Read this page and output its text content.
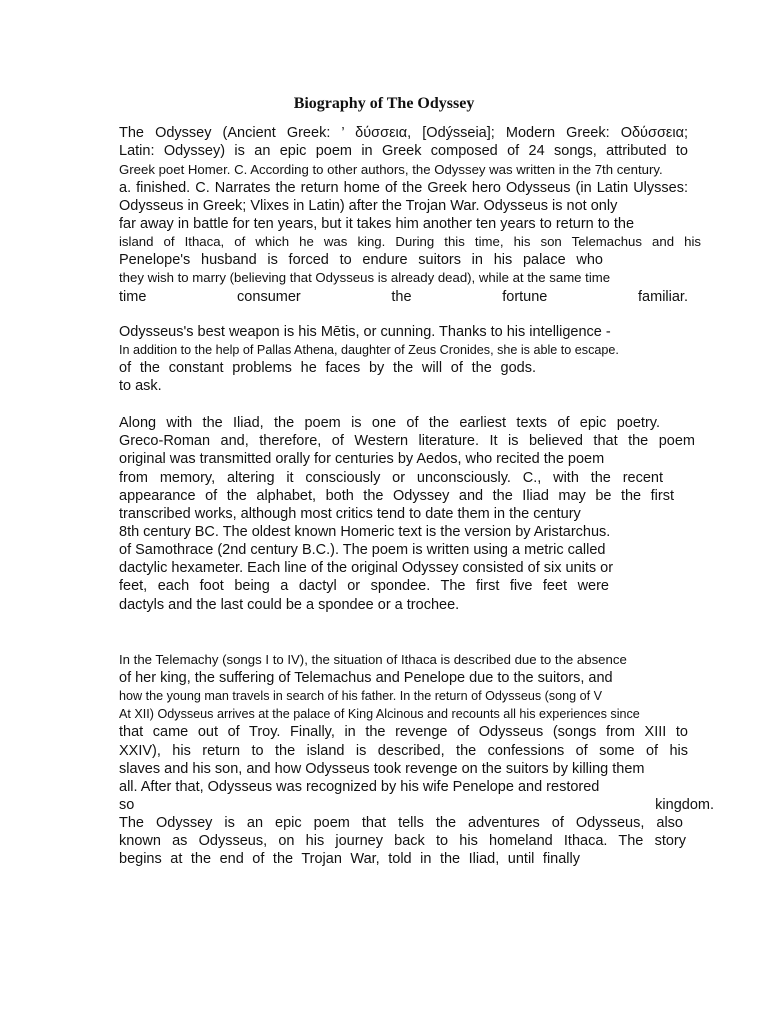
Biography of The Odyssey
The Odyssey (Ancient Greek: ’ δύσσεια, [Odýsseia]; Modern Greek: Οδύσσεια;
Latin: Odyssey) is an epic poem in Greek composed of 24 songs, attributed to
Greek poet Homer. C. According to other authors, the Odyssey was written in the 7th century.
a. finished. C. Narrates the return home of the Greek hero Odysseus (in Latin Ulysses:
Odysseus in Greek; Vlixes in Latin) after the Trojan War. Odysseus is not only
far away in battle for ten years, but it takes him another ten years to return to the
island of Ithaca, of which he was king. During this time, his son Telemachus and his
Penelope's husband is forced to endure suitors in his palace who
they wish to marry (believing that Odysseus is already dead), while at the same time
time consumer the fortune familiar.
Odysseus's best weapon is his Mētis, or cunning. Thanks to his intelligence -
In addition to the help of Pallas Athena, daughter of Zeus Cronides, she is able to escape.
of the constant problems he faces by the will of the gods.
to ask.
Along with the Iliad, the poem is one of the earliest texts of epic poetry.
Greco-Roman and, therefore, of Western literature. It is believed that the poem
original was transmitted orally for centuries by Aedos, who recited the poem
from memory, altering it consciously or unconsciously. C., with the recent
appearance of the alphabet, both the Odyssey and the Iliad may be the first
transcribed works, although most critics tend to date them in the century
8th century BC. The oldest known Homeric text is the version by Aristarchus.
of Samothrace (2nd century B.C.). The poem is written using a metric called
dactylic hexameter. Each line of the original Odyssey consisted of six units or
feet, each foot being a dactyl or spondee. The first five feet were
dactyls and the last could be a spondee or a trochee.
In the Telemachy (songs I to IV), the situation of Ithaca is described due to the absence
of her king, the suffering of Telemachus and Penelope due to the suitors, and
how the young man travels in search of his father. In the return of Odysseus (song of V
At XII) Odysseus arrives at the palace of King Alcinous and recounts all his experiences since
that came out of Troy. Finally, in the revenge of Odysseus (songs from XIII to
XXIV), his return to the island is described, the confessions of some of his
slaves and his son, and how Odysseus took revenge on the suitors by killing them
all. After that, Odysseus was recognized by his wife Penelope and restored
so kingdom.
The Odyssey is an epic poem that tells the adventures of Odysseus, also
known as Odysseus, on his journey back to his homeland Ithaca. The story
begins at the end of the Trojan War, told in the Iliad, until finally
